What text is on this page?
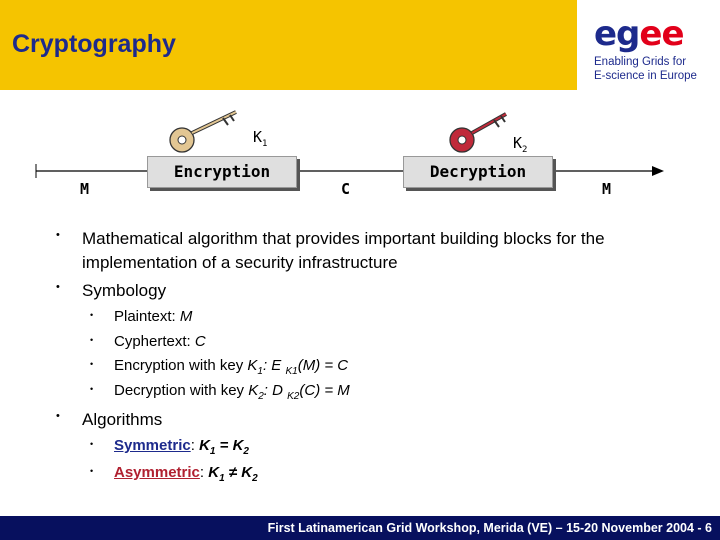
Cryptography	egee
Enabling Grids for
E-science in Europe
Encryption	Decryption
M	C	M
$K_1$	$K_2$
• Mathematical algorithm that provides important building blocks for the
implementation of a security infrastructure
• Symbology
• Plaintext: M
• Cyphertext: C
• Encryption with key $K_1$: E $_{K1}$(M) = C
• Decryption with key $K_2$: D $_{K2}$(C) = M
• Algorithms
• Symmetric: $K_1 = K_2$
• Asymmetric: $K_1 \ne K_2$
First Latinamerican Grid Workshop, Merida (VE) – 15-20 November 2004 - 6
